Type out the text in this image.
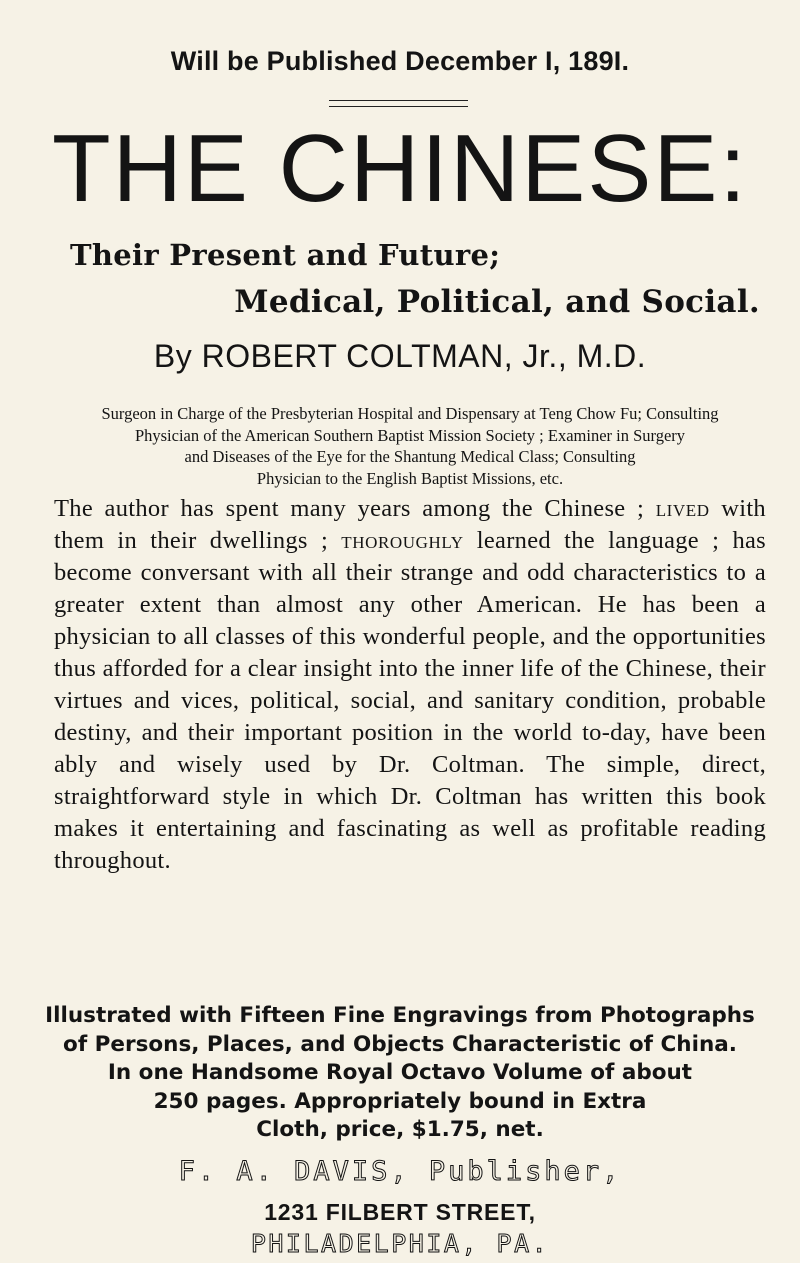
Will be Published December I, 189I.
THE CHINESE:
Their Present and Future;
Medical, Political, and Social.
By ROBERT COLTMAN, Jr., M.D.
Surgeon in Charge of the Presbyterian Hospital and Dispensary at Teng Chow Fu; Consulting
Physician of the American Southern Baptist Mission Society ; Examiner in Surgery
and Diseases of the Eye for the Shantung Medical Class; Consulting
Physician to the English Baptist Missions, etc.
The author has spent many years among the Chinese ; lived with them in their dwellings ; thoroughly learned the language ; has become conversant with all their strange and odd characteristics to a greater extent than almost any other American. He has been a physician to all classes of this wonderful people, and the opportunities thus afforded for a clear insight into the inner life of the Chinese, their virtues and vices, political, social, and sanitary condition, probable destiny, and their important position in the world to-day, have been ably and wisely used by Dr. Coltman. The simple, direct, straightforward style in which Dr. Coltman has written this book makes it entertaining and fascinating as well as profitable reading throughout.
Illustrated with Fifteen Fine Engravings from Photographs
of Persons, Places, and Objects Characteristic of China.
In one Handsome Royal Octavo Volume of about
250 pages. Appropriately bound in Extra
Cloth, price, $1.75, net.
F. A. DAVIS, Publisher,
1231 FILBERT STREET,
PHILADELPHIA, PA.
